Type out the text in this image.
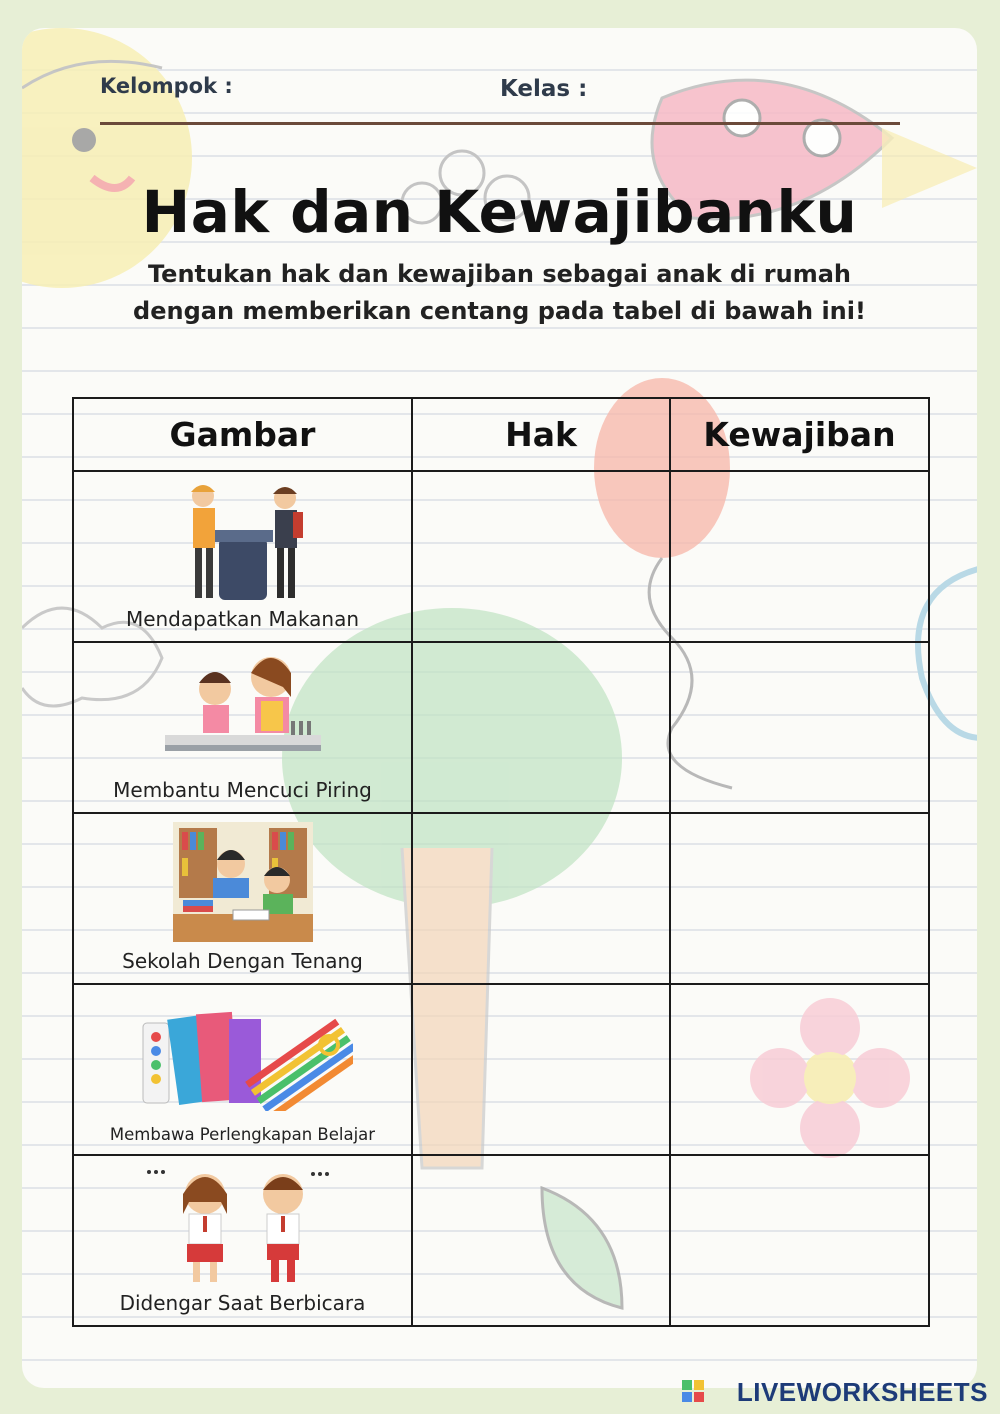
Kelompok :	Kelas :
Hak dan Kewajibanku
Tentukan hak dan kewajiban sebagai anak di rumah
dengan memberikan centang pada tabel di bawah ini!
Gambar	Hak	Kewajiban

Mendapatkan Makanan

Membantu Mencuci Piring

Sekolah Dengan Tenang

Membawa Perlengkapan Belajar

Didengar Saat Berbicara

LIVEWORKSHEETS
